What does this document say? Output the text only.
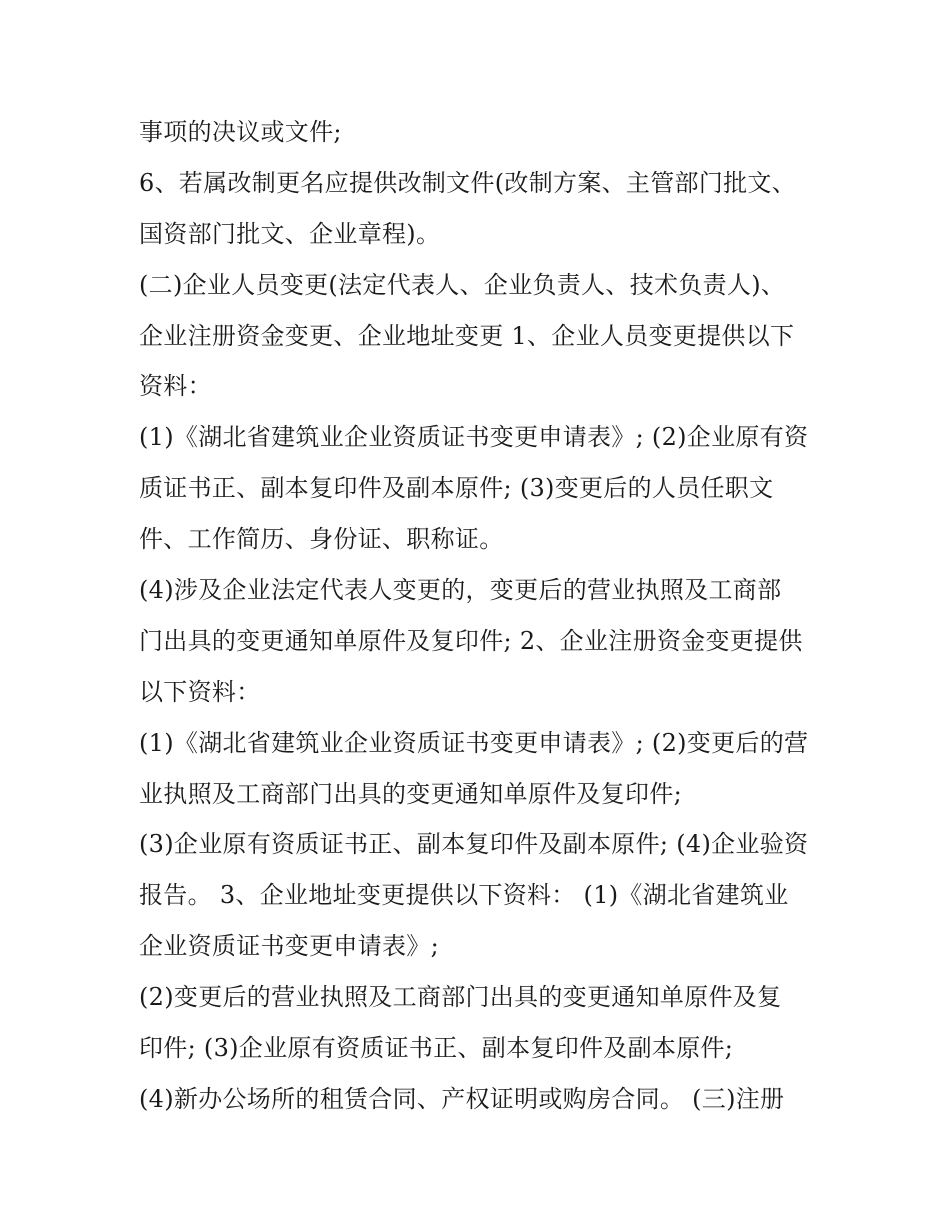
事项的决议或文件;
6、若属改制更名应提供改制文件(改制方案、主管部门批文、
国资部门批文、企业章程)。
(二)企业人员变更(法定代表人、企业负责人、技术负责人)、
企业注册资金变更、企业地址变更 1、企业人员变更提供以下
资料：
(1)《湖北省建筑业企业资质证书变更申请表》; (2)企业原有资
质证书正、副本复印件及副本原件; (3)变更后的人员任职文
件、工作简历、身份证、职称证。
(4)涉及企业法定代表人变更的，变更后的营业执照及工商部
门出具的变更通知单原件及复印件; 2、企业注册资金变更提供
以下资料：
(1)《湖北省建筑业企业资质证书变更申请表》; (2)变更后的营
业执照及工商部门出具的变更通知单原件及复印件;
(3)企业原有资质证书正、副本复印件及副本原件; (4)企业验资
报告。 3、企业地址变更提供以下资料： (1)《湖北省建筑业
企业资质证书变更申请表》;
(2)变更后的营业执照及工商部门出具的变更通知单原件及复
印件; (3)企业原有资质证书正、副本复印件及副本原件;
(4)新办公场所的租赁合同、产权证明或购房合同。 (三)注册
